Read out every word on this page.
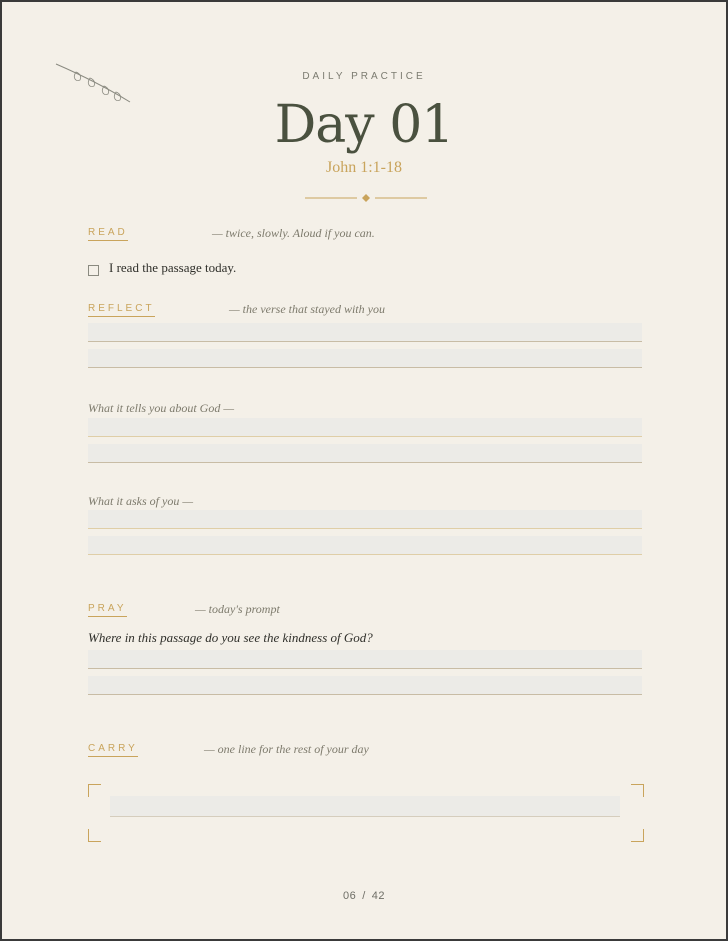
DAILY PRACTICE
Day 01
John 1:1-18
READ	— twice, slowly. Aloud if you can.
I read the passage today.
REFLECT	— the verse that stayed with you
What it tells you about God —
What it asks of you —
PRAY	— today's prompt
Where in this passage do you see the kindness of God?
CARRY	— one line for the rest of your day
06 / 42
